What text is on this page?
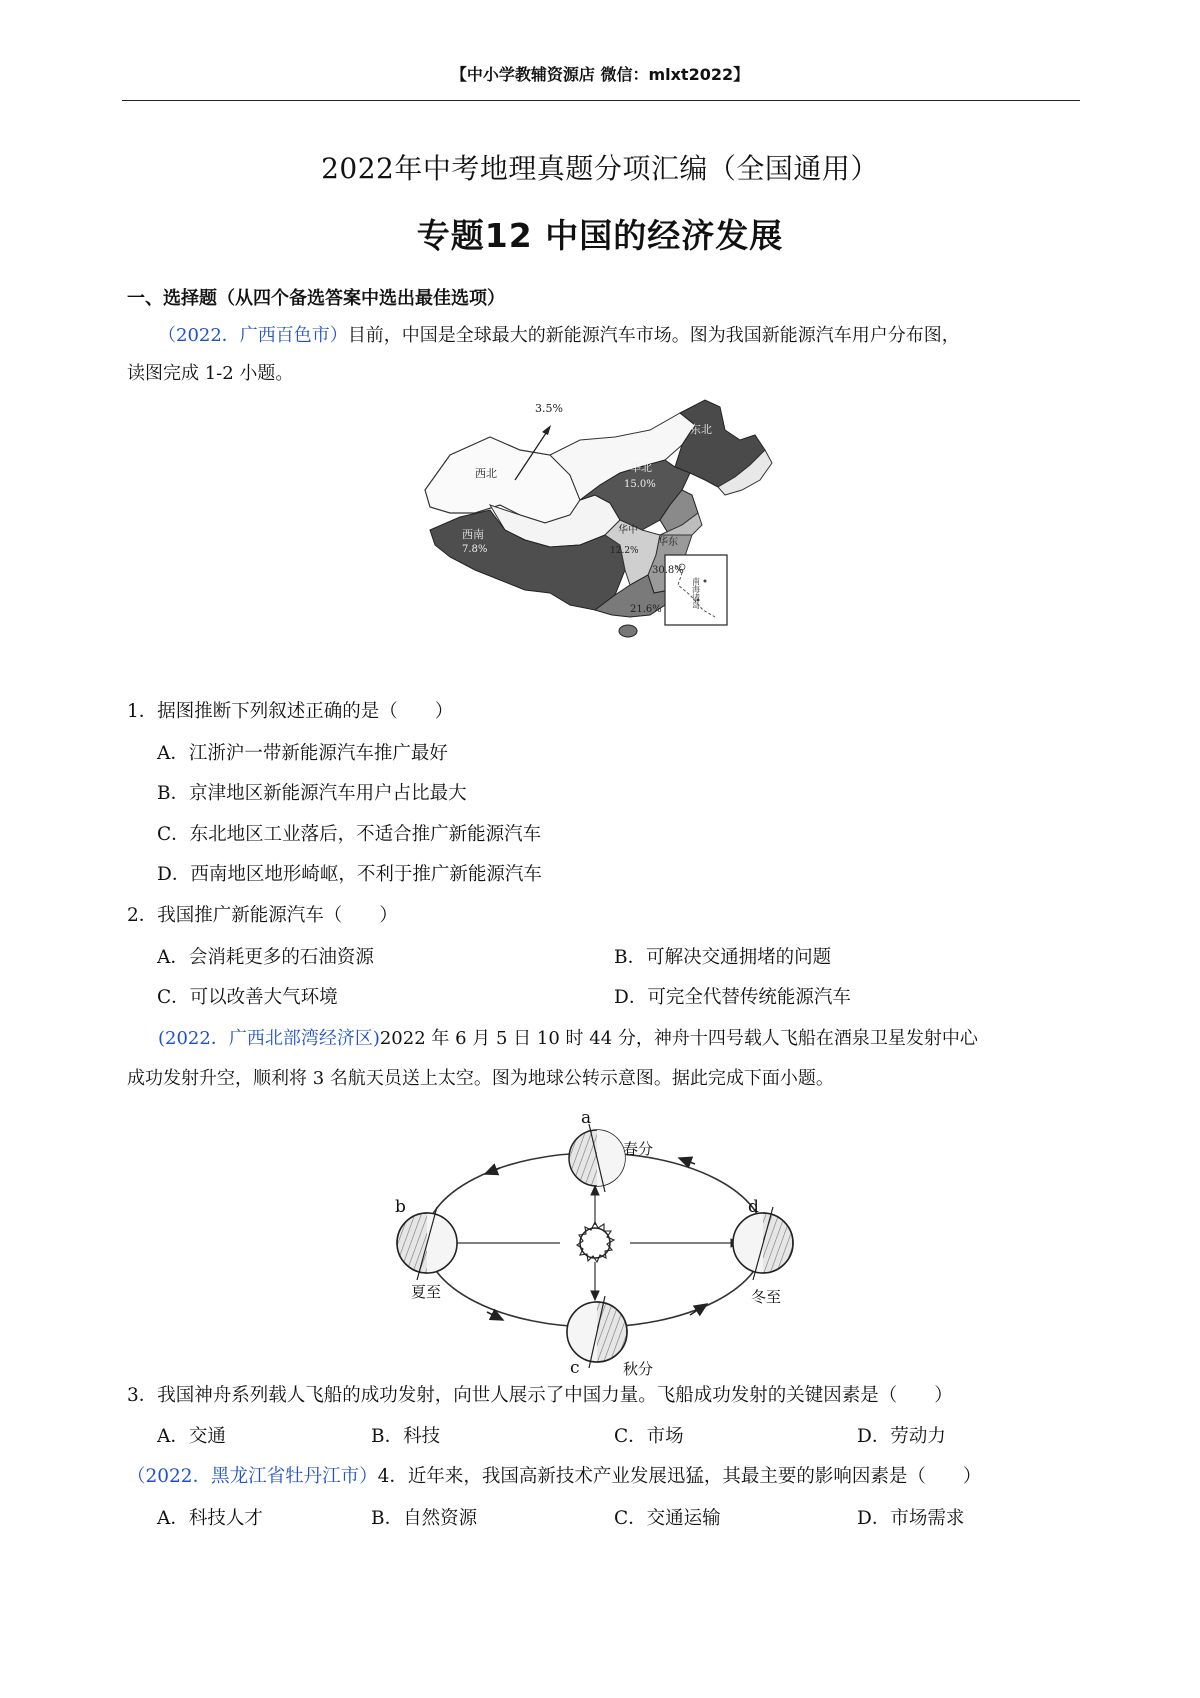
【中小学教辅资源店 微信：mlxt2022】
2022年中考地理真题分项汇编（全国通用）
专题12 中国的经济发展
一、选择题（从四个备选答案中选出最佳选项）
（2022．广西百色市）目前，中国是全球最大的新能源汽车市场。图为我国新能源汽车用户分布图，
读图完成 1-2 小题。
南海诸岛
3.5%
西北
东北
华北
15.0%
西南
7.8%
华中
12.2%
华东
30.8%
21.6%
1．据图推断下列叙述正确的是（　　）
A．江浙沪一带新能源汽车推广最好
B．京津地区新能源汽车用户占比最大
C．东北地区工业落后，不适合推广新能源汽车
D．西南地区地形崎岖，不利于推广新能源汽车
2．我国推广新能源汽车（　　）
A．会消耗更多的石油资源	B．可解决交通拥堵的问题
C．可以改善大气环境	D．可完全代替传统能源汽车
(2022．广西北部湾经济区)2022 年 6 月 5 日 10 时 44 分，神舟十四号载人飞船在酒泉卫星发射中心
成功发射升空，顺利将 3 名航天员送上太空。图为地球公转示意图。据此完成下面小题。
a
春分
b
夏至
c	秋分
d
冬至
3．我国神舟系列载人飞船的成功发射，向世人展示了中国力量。飞船成功发射的关键因素是（　　）
A．交通	B．科技	C．市场	D．劳动力
（2022．黑龙江省牡丹江市）4．近年来，我国高新技术产业发展迅猛，其最主要的影响因素是（　　）
A．科技人才	B．自然资源	C．交通运输	D．市场需求
